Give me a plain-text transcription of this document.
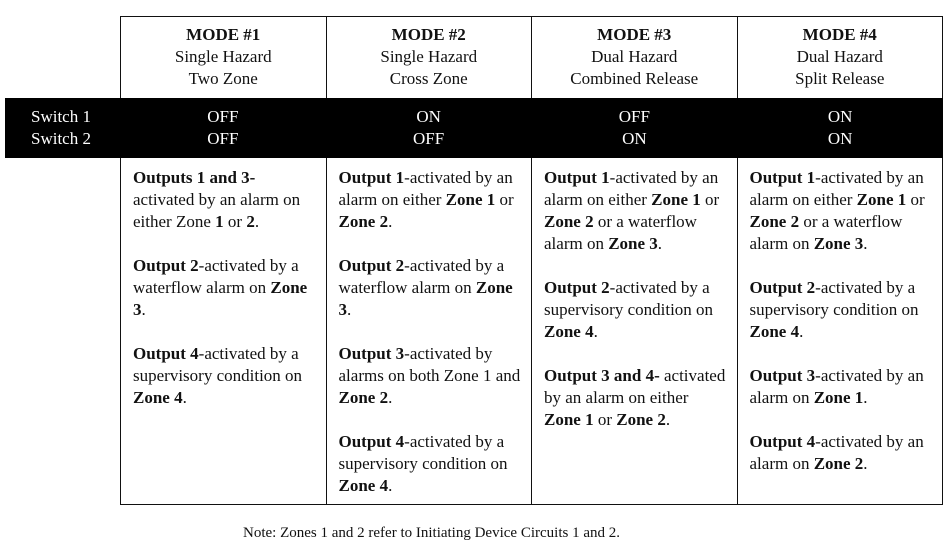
MODE #1
Single Hazard
Two Zone
MODE #2
Single Hazard
Cross Zone
MODE #3
Dual Hazard
Combined Release
MODE #4
Dual Hazard
Split Release
Switch 1
Switch 2
OFF
OFF
ON
OFF
OFF
ON
ON
ON

Outputs 1 and 3- activated by an alarm on either Zone 1 or 2.

Output 2-activated by a waterflow alarm on Zone 3.

Output 4-activated by a supervisory condition on Zone 4.

Output 1-activated by an alarm on either Zone 1 or Zone 2.

Output 2-activated by a waterflow alarm on Zone 3.

Output 3-activated by alarms on both Zone 1 and Zone 2.

Output 4-activated by a supervisory condition on Zone 4.

Output 1-activated by an alarm on either Zone 1 or Zone 2 or a waterflow alarm on Zone 3.

Output 2-activated by a supervisory condition on Zone 4.

Output 3 and 4- activated by an alarm on either Zone 1 or Zone 2.

Output 1-activated by an alarm on either Zone 1 or Zone 2 or a waterflow alarm on Zone 3.

Output 2-activated by a supervisory condition on Zone 4.

Output 3-activated by an alarm on Zone 1.

Output 4-activated by an alarm on Zone 2.

Note: Zones 1 and 2 refer to Initiating Device Circuits 1 and 2.
